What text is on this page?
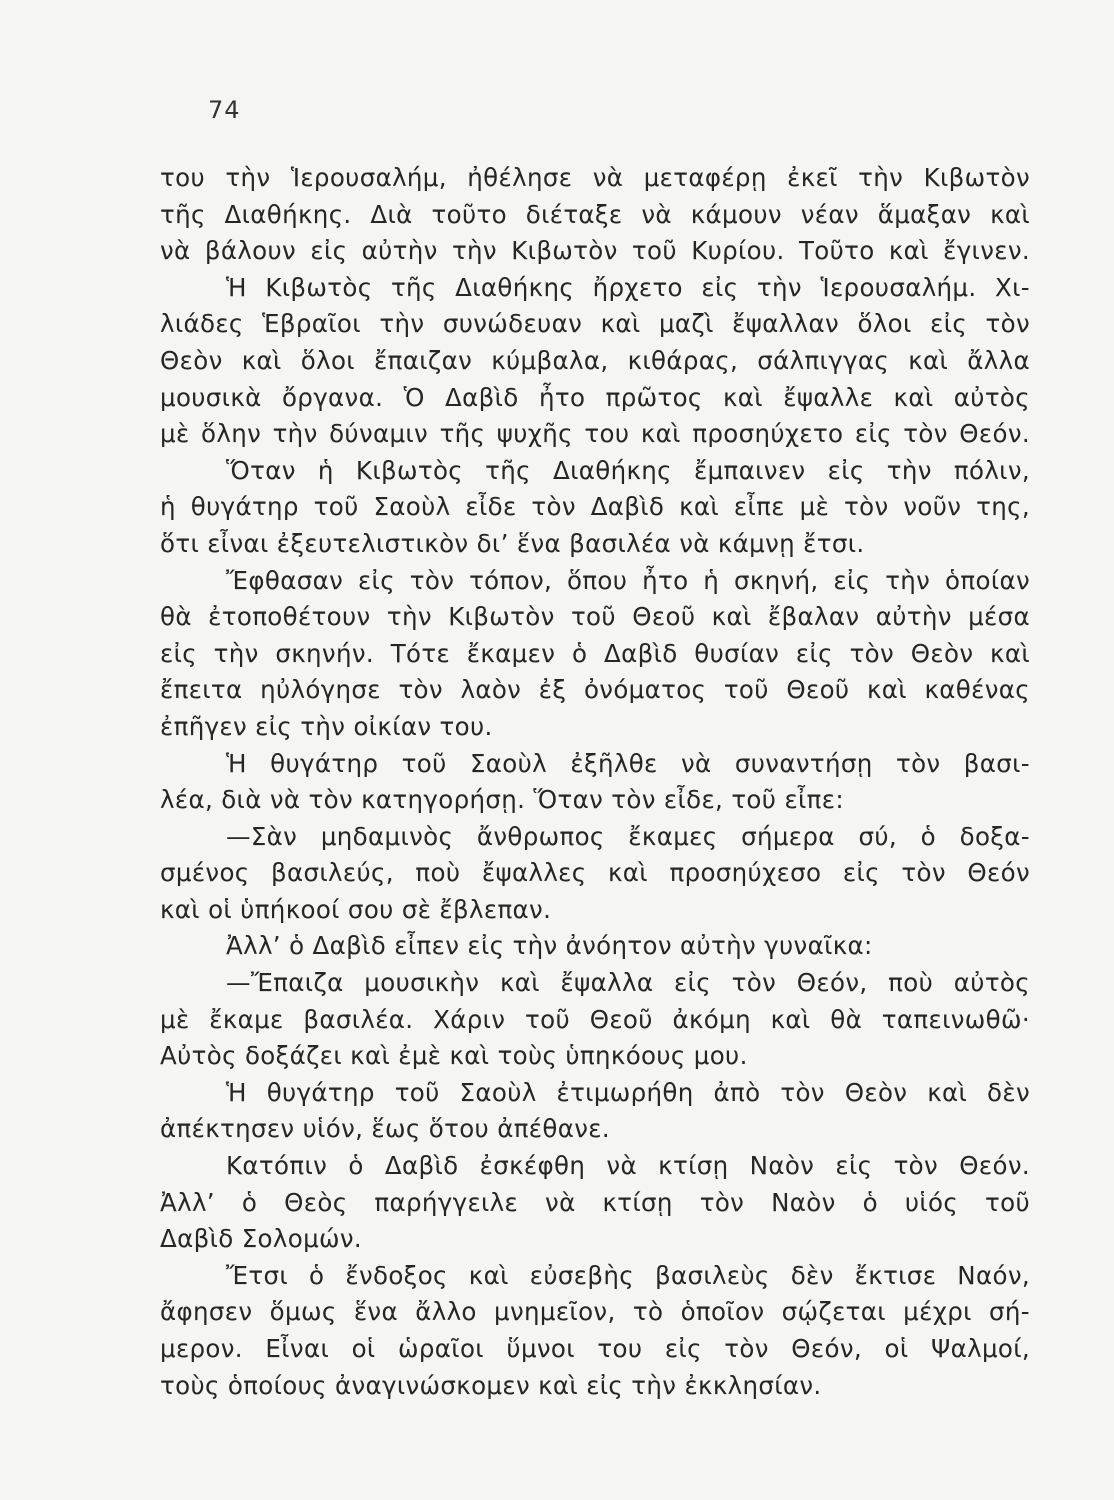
74
του τὴν Ἱερουσαλήμ, ἠθέλησε νὰ μεταφέρῃ ἐκεῖ τὴν Κιβωτὸν
τῆς Διαθήκης. Διὰ τοῦτο διέταξε νὰ κάμουν νέαν ἅμαξαν καὶ
νὰ βάλουν εἰς αὐτὴν τὴν Κιβωτὸν τοῦ Κυρίου. Τοῦτο καὶ ἔγινεν.
Ἡ Κιβωτὸς τῆς Διαθήκης ἤρχετο εἰς τὴν Ἱερουσαλήμ. Χι-
λιάδες Ἑβραῖοι τὴν συνώδευαν καὶ μαζὶ ἔψαλλαν ὅλοι εἰς τὸν
Θεὸν καὶ ὅλοι ἔπαιζαν κύμβαλα, κιθάρας, σάλπιγγας καὶ ἄλλα
μουσικὰ ὄργανα. Ὁ Δαβὶδ ἦτο πρῶτος καὶ ἔψαλλε καὶ αὐτὸς
μὲ ὅλην τὴν δύναμιν τῆς ψυχῆς του καὶ προσηύχετο εἰς τὸν Θεόν.
Ὅταν ἡ Κιβωτὸς τῆς Διαθήκης ἔμπαινεν εἰς τὴν πόλιν,
ἡ θυγάτηρ τοῦ Σαοὺλ εἶδε τὸν Δαβὶδ καὶ εἶπε μὲ τὸν νοῦν της,
ὅτι εἶναι ἐξευτελιστικὸν δι’ ἕνα βασιλέα νὰ κάμνῃ ἔτσι.
Ἔφθασαν εἰς τὸν τόπον, ὅπου ἦτο ἡ σκηνή, εἰς τὴν ὁποίαν
θὰ ἐτοποθέτουν τὴν Κιβωτὸν τοῦ Θεοῦ καὶ ἔβαλαν αὐτὴν μέσα
εἰς τὴν σκηνήν. Τότε ἔκαμεν ὁ Δαβὶδ θυσίαν εἰς τὸν Θεὸν καὶ
ἔπειτα ηὐλόγησε τὸν λαὸν ἐξ ὀνόματος τοῦ Θεοῦ καὶ καθένας
ἐπῆγεν εἰς τὴν οἰκίαν του.
Ἡ θυγάτηρ τοῦ Σαοὺλ ἐξῆλθε νὰ συναντήσῃ τὸν βασι-
λέα, διὰ νὰ τὸν κατηγορήσῃ. Ὅταν τὸν εἶδε, τοῦ εἶπε:
—Σὰν μηδαμινὸς ἄνθρωπος ἔκαμες σήμερα σύ, ὁ δοξα-
σμένος βασιλεύς, ποὺ ἔψαλλες καὶ προσηύχεσο εἰς τὸν Θεόν
καὶ οἱ ὑπήκοοί σου σὲ ἔβλεπαν.
Ἀλλ’ ὁ Δαβὶδ εἶπεν εἰς τὴν ἀνόητον αὐτὴν γυναῖκα:
—Ἔπαιζα μουσικὴν καὶ ἔψαλλα εἰς τὸν Θεόν, ποὺ αὐτὸς
μὲ ἔκαμε βασιλέα. Χάριν τοῦ Θεοῦ ἀκόμη καὶ θὰ ταπεινωθῶ·
Αὐτὸς δοξάζει καὶ ἐμὲ καὶ τοὺς ὑπηκόους μου.
Ἡ θυγάτηρ τοῦ Σαοὺλ ἐτιμωρήθη ἀπὸ τὸν Θεὸν καὶ δὲν
ἀπέκτησεν υἱόν, ἕως ὅτου ἀπέθανε.
Κατόπιν ὁ Δαβὶδ ἐσκέφθη νὰ κτίσῃ Ναὸν εἰς τὸν Θεόν.
Ἀλλ’ ὁ Θεὸς παρήγγειλε νὰ κτίσῃ τὸν Ναὸν ὁ υἱός τοῦ
Δαβὶδ Σολομών.
Ἔτσι ὁ ἔνδοξος καὶ εὐσεβὴς βασιλεὺς δὲν ἔκτισε Ναόν,
ἄφησεν ὅμως ἕνα ἄλλο μνημεῖον, τὸ ὁποῖον σῴζεται μέχρι σή-
μερον. Εἶναι οἱ ὡραῖοι ὕμνοι του εἰς τὸν Θεόν, οἱ Ψαλμοί,
τοὺς ὁποίους ἀναγινώσκομεν καὶ εἰς τὴν ἐκκλησίαν.
